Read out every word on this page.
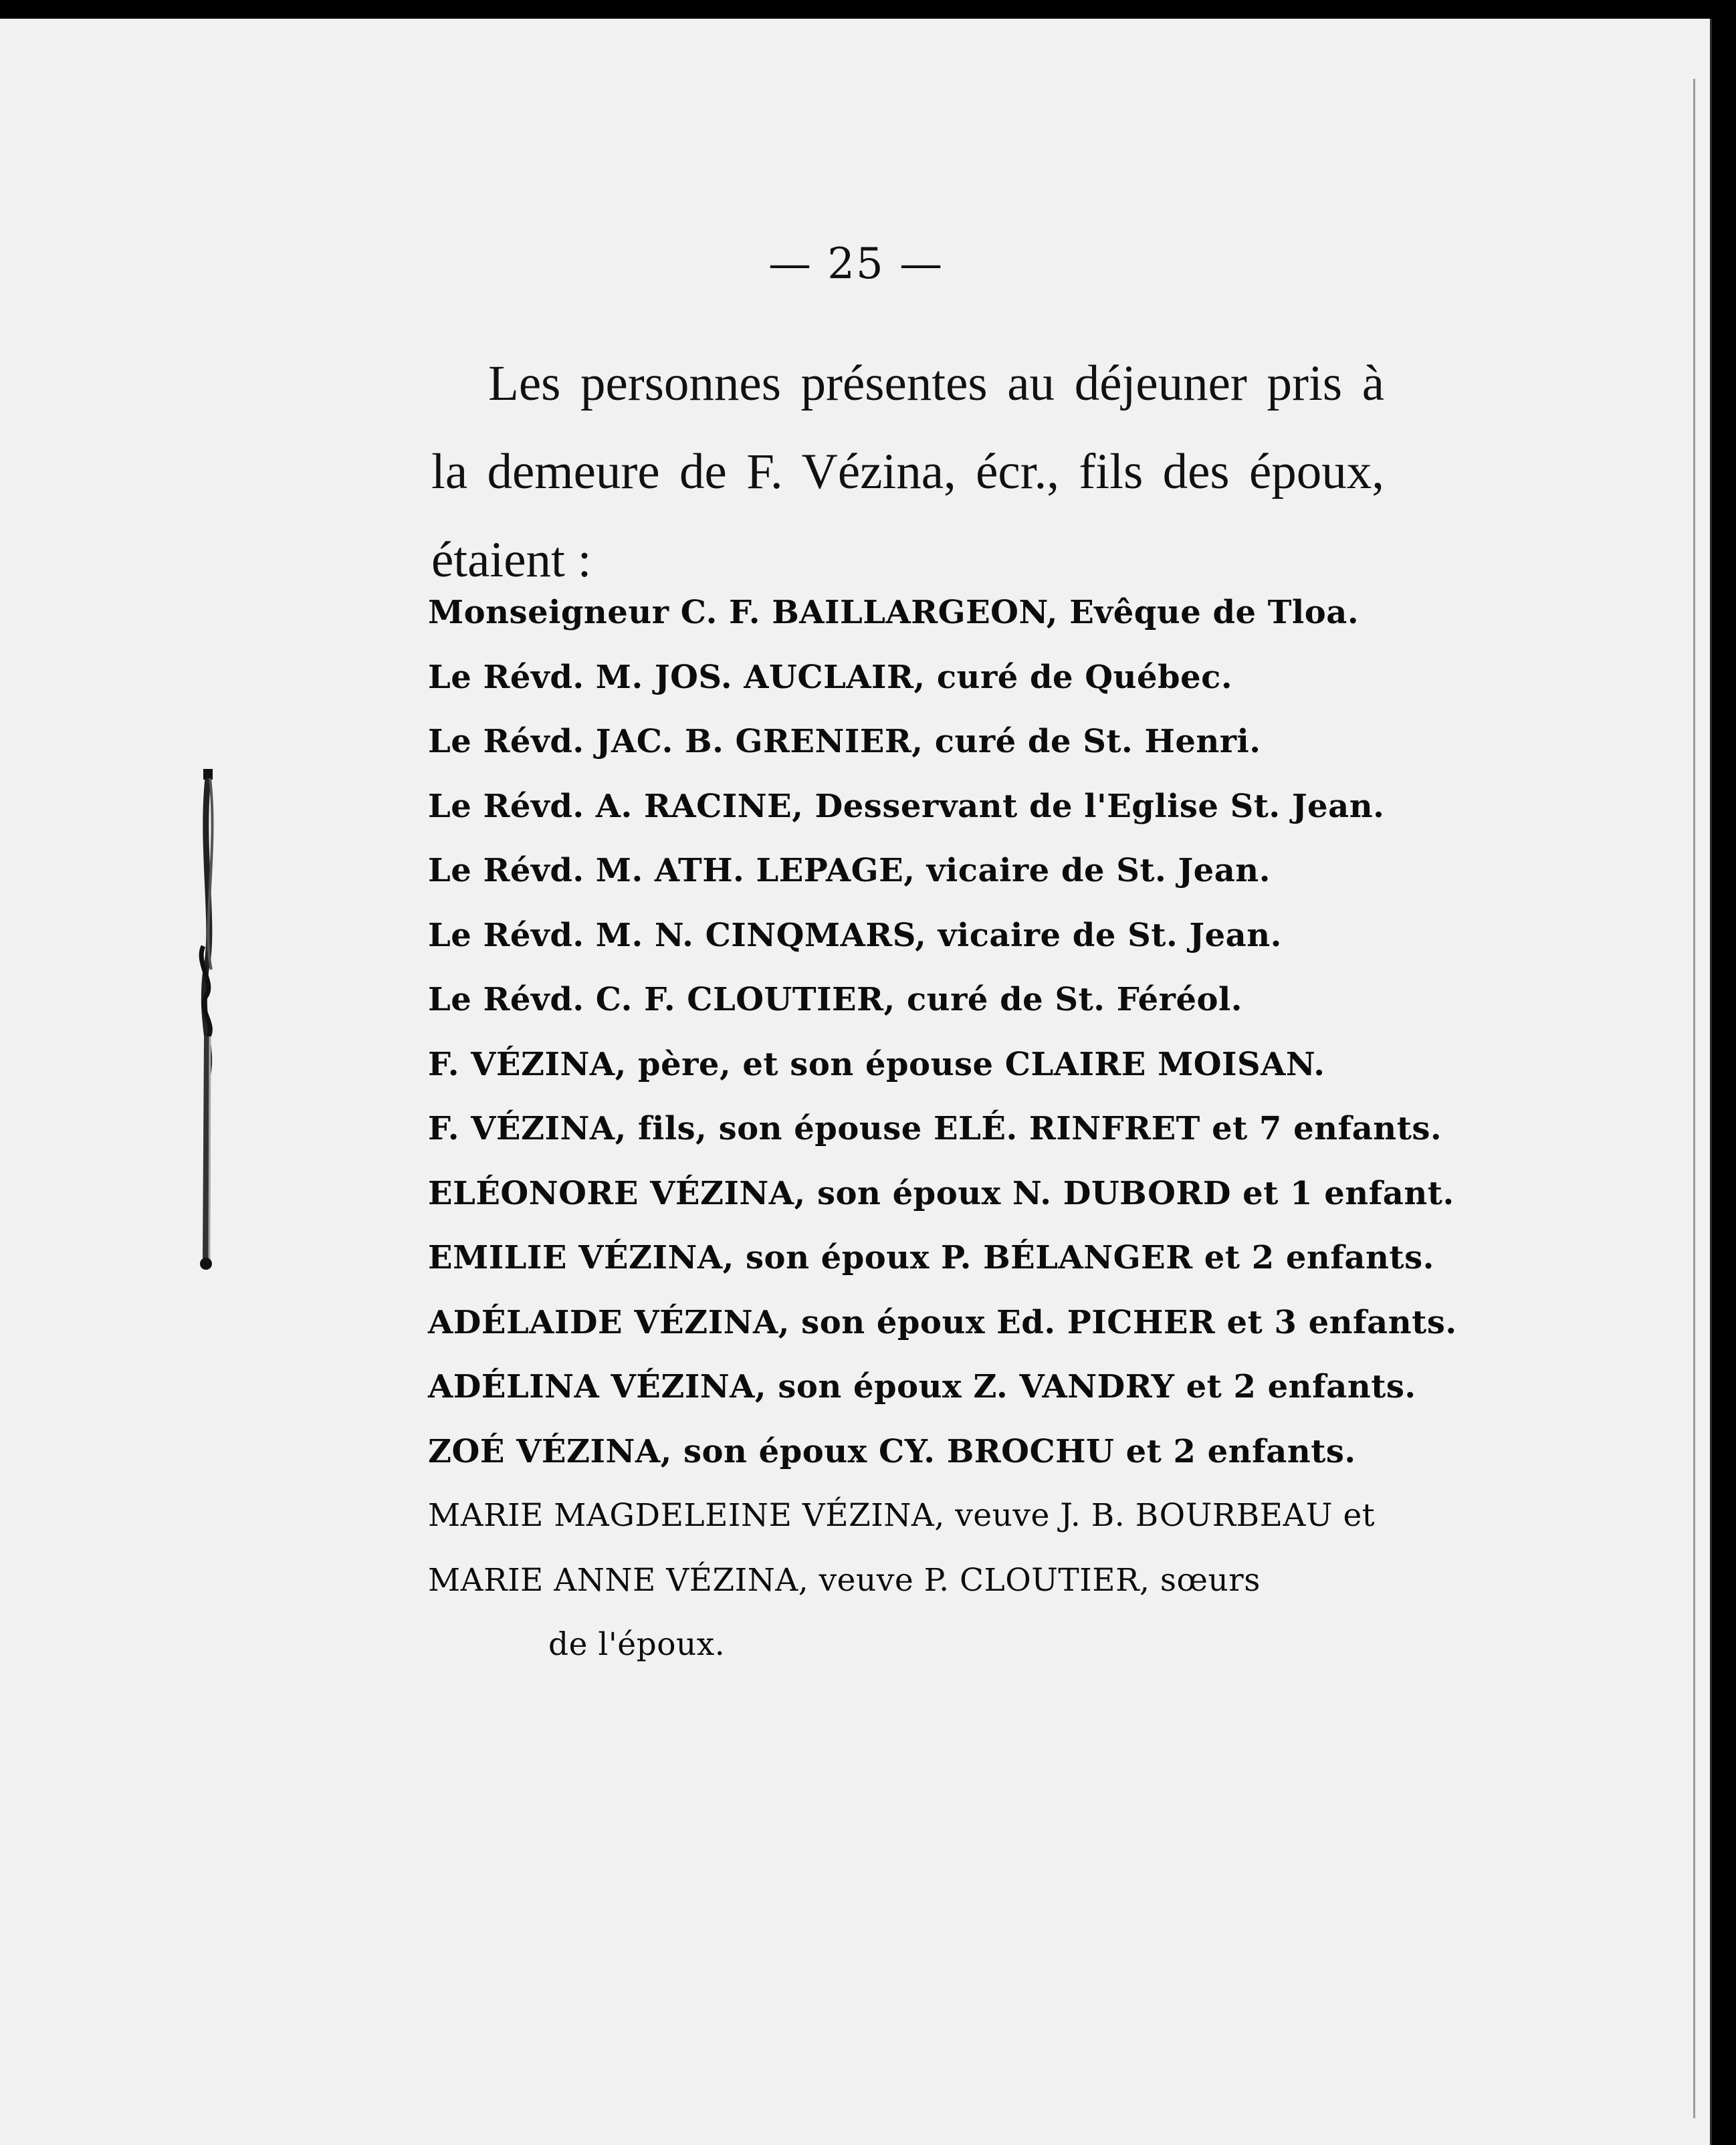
— 25 —
Les personnes présentes au déjeuner pris à la demeure de F. Vézina, écr., fils des époux, étaient :
Monseigneur C. F. BAILLARGEON, Evêque de Tloa.
Le Révd. M. JOS. AUCLAIR, curé de Québec.
Le Révd. JAC. B. GRENIER, curé de St. Henri.
Le Révd. A. RACINE, Desservant de l'Eglise St. Jean.
Le Révd. M. ATH. LEPAGE, vicaire de St. Jean.
Le Révd. M. N. CINQMARS, vicaire de St. Jean.
Le Révd. C. F. CLOUTIER, curé de St. Féréol.
F. VÉZINA, père, et son épouse CLAIRE MOISAN.
F. VÉZINA, fils, son épouse ELÉ. RINFRET et 7 enfants.
ELÉONORE VÉZINA, son époux N. DUBORD et 1 enfant.
EMILIE VÉZINA, son époux P. BÉLANGER et 2 enfants.
ADÉLAIDE VÉZINA, son époux Ed. PICHER et 3 enfants.
ADÉLINA VÉZINA, son époux Z. VANDRY et 2 enfants.
ZOÉ VÉZINA, son époux CY. BROCHU et 2 enfants.
MARIE MAGDELEINE VÉZINA, veuve J. B. BOURBEAU et
MARIE ANNE VÉZINA, veuve P. CLOUTIER, sœurs
de l'époux.
